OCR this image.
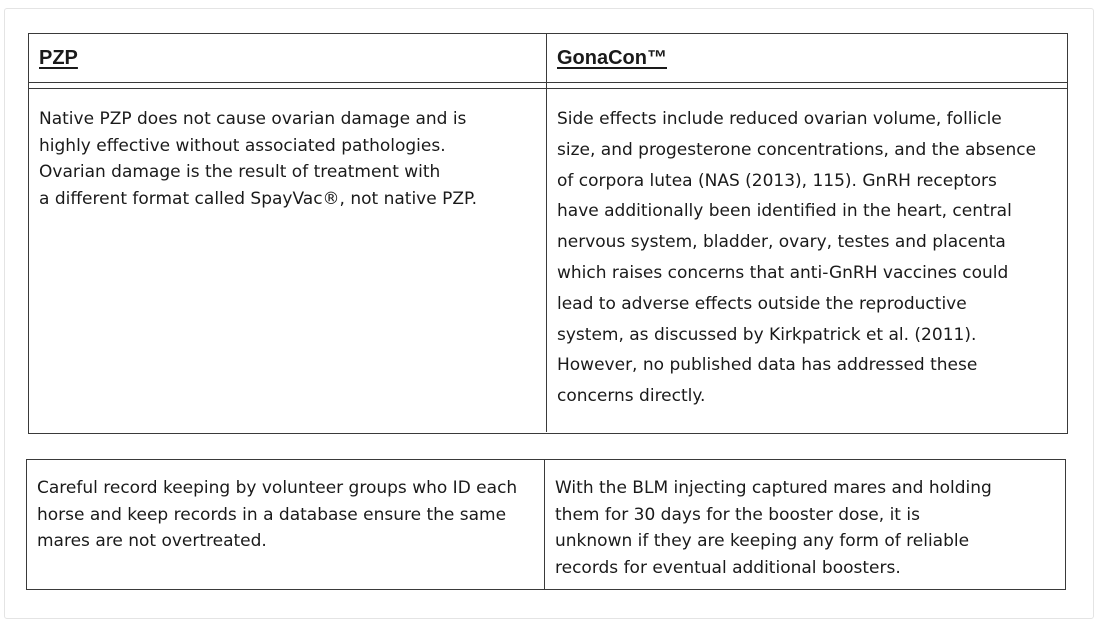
PZP	GonaCon™
Native PZP does not cause ovarian damage and is
highly effective without associated pathologies.
Ovarian damage is the result of treatment with
a different format called SpayVac®, not native PZP.
Side effects include reduced ovarian volume, follicle
size, and progesterone concentrations, and the absence
of corpora lutea (NAS (2013), 115). GnRH receptors
have additionally been identified in the heart, central
nervous system, bladder, ovary, testes and placenta
which raises concerns that anti-GnRH vaccines could
lead to adverse effects outside the reproductive
system, as discussed by Kirkpatrick et al. (2011).
However, no published data has addressed these
concerns directly.
Careful record keeping by volunteer groups who ID each
horse and keep records in a database ensure the same
mares are not overtreated.
With the BLM injecting captured mares and holding
them for 30 days for the booster dose, it is
unknown if they are keeping any form of reliable
records for eventual additional boosters.
